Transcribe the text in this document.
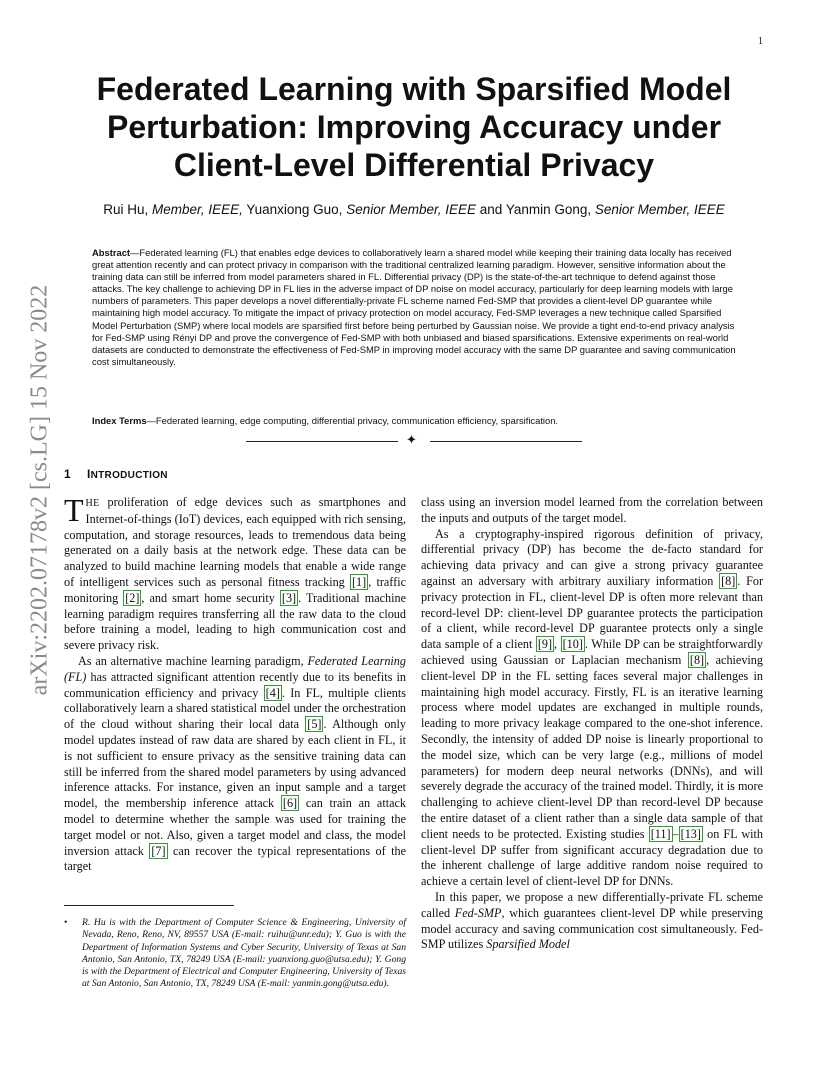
1
arXiv:2202.07178v2 [cs.LG] 15 Nov 2022
Federated Learning with Sparsified Model Perturbation: Improving Accuracy under Client-Level Differential Privacy
Rui Hu, Member, IEEE, Yuanxiong Guo, Senior Member, IEEE and Yanmin Gong, Senior Member, IEEE
Abstract—Federated learning (FL) that enables edge devices to collaboratively learn a shared model while keeping their training data locally has received great attention recently and can protect privacy in comparison with the traditional centralized learning paradigm. However, sensitive information about the training data can still be inferred from model parameters shared in FL. Differential privacy (DP) is the state-of-the-art technique to defend against those attacks. The key challenge to achieving DP in FL lies in the adverse impact of DP noise on model accuracy, particularly for deep learning models with large numbers of parameters. This paper develops a novel differentially-private FL scheme named Fed-SMP that provides a client-level DP guarantee while maintaining high model accuracy. To mitigate the impact of privacy protection on model accuracy, Fed-SMP leverages a new technique called Sparsified Model Perturbation (SMP) where local models are sparsified first before being perturbed by Gaussian noise. We provide a tight end-to-end privacy analysis for Fed-SMP using Rényi DP and prove the convergence of Fed-SMP with both unbiased and biased sparsifications. Extensive experiments on real-world datasets are conducted to demonstrate the effectiveness of Fed-SMP in improving model accuracy with the same DP guarantee and saving communication cost simultaneously.
Index Terms—Federated learning, edge computing, differential privacy, communication efficiency, sparsification.
✦
1 INTRODUCTION

THE proliferation of edge devices such as smartphones and Internet-of-things (IoT) devices, each equipped with rich sensing, computation, and storage resources, leads to tremendous data being generated on a daily basis at the network edge. These data can be analyzed to build machine learning models that enable a wide range of intelligent services such as personal fitness tracking [1] , traffic monitoring [2] , and smart home security [3] . Traditional machine learning paradigm requires transferring all the raw data to the cloud before training a model, leading to high communication cost and severe privacy risk.

As an alternative machine learning paradigm, Federated Learning (FL) has attracted significant attention recently due to its benefits in communication efficiency and privacy [4] . In FL, multiple clients collaboratively learn a shared statistical model under the orchestration of the cloud without sharing their local data [5] . Although only model updates instead of raw data are shared by each client in FL, it is not sufficient to ensure privacy as the sensitive training data can still be inferred from the shared model parameters by using advanced inference attacks. For instance, given an input sample and a target model, the membership inference attack [6] can train an attack model to determine whether the sample was used for training the target model or not. Also, given a target model and class, the model inversion attack [7] can recover the typical representations of the target

class using an inversion model learned from the correlation between the inputs and outputs of the target model.

As a cryptography-inspired rigorous definition of privacy, differential privacy (DP) has become the de-facto standard for achieving data privacy and can give a strong privacy guarantee against an adversary with arbitrary auxiliary information [8] . For privacy protection in FL, client-level DP is often more relevant than record-level DP: client-level DP guarantee protects the participation of a client, while record-level DP guarantee protects only a single data sample of a client [9] , [10] . While DP can be straightforwardly achieved using Gaussian or Laplacian mechanism [8] , achieving client-level DP in the FL setting faces several major challenges in maintaining high model accuracy. Firstly, FL is an iterative learning process where model updates are exchanged in multiple rounds, leading to more privacy leakage compared to the one-shot inference. Secondly, the intensity of added DP noise is linearly proportional to the model size, which can be very large (e.g., millions of model parameters) for modern deep neural networks (DNNs), and will severely degrade the accuracy of the trained model. Thirdly, it is more challenging to achieve client-level DP than record-level DP because the entire dataset of a client rather than a single data sample of that client needs to be protected. Existing studies [11] – [13] on FL with client-level DP suffer from significant accuracy degradation due to the inherent challenge of large additive random noise required to achieve a certain level of client-level DP for DNNs.

In this paper, we propose a new differentially-private FL scheme called Fed-SMP, which guarantees client-level DP while preserving model accuracy and saving communication cost simultaneously. Fed-SMP utilizes Sparsified Model

• R. Hu is with the Department of Computer Science & Engineering, University of Nevada, Reno, Reno, NV, 89557 USA (E-mail: ruihu@unr.edu); Y. Guo is with the Department of Information Systems and Cyber Security, University of Texas at San Antonio, San Antonio, TX, 78249 USA (E-mail: yuanxiong.guo@utsa.edu); Y. Gong is with the Department of Electrical and Computer Engineering, University of Texas at San Antonio, San Antonio, TX, 78249 USA (E-mail: yanmin.gong@utsa.edu).
